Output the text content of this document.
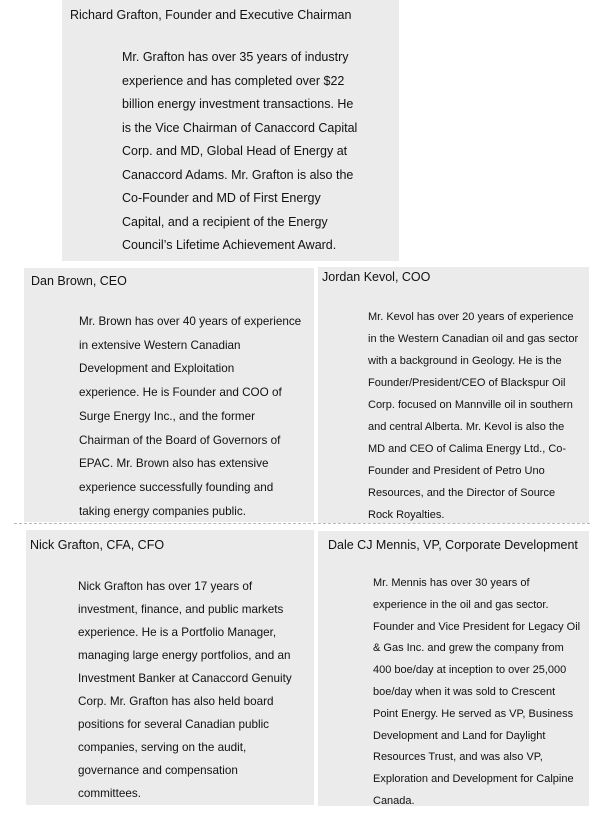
Richard Grafton, Founder and Executive Chairman
Mr. Grafton has over 35 years of industry
experience and has completed over $22
billion energy investment transactions. He
is the Vice Chairman of Canaccord Capital
Corp. and MD, Global Head of Energy at
Canaccord Adams. Mr. Grafton is also the
Co-Founder and MD of First Energy
Capital, and a recipient of the Energy
Council’s Lifetime Achievement Award.
Dan Brown, CEO
Mr. Brown has over 40 years of experience
in extensive Western Canadian
Development and Exploitation
experience. He is Founder and COO of
Surge Energy Inc., and the former
Chairman of the Board of Governors of
EPAC. Mr. Brown also has extensive
experience successfully founding and
taking energy companies public.
Jordan Kevol, COO
Mr. Kevol has over 20 years of experience
in the Western Canadian oil and gas sector
with a background in Geology. He is the
Founder/President/CEO of Blackspur Oil
Corp. focused on Mannville oil in southern
and central Alberta. Mr. Kevol is also the
MD and CEO of Calima Energy Ltd., Co-
Founder and President of Petro Uno
Resources, and the Director of Source
Rock Royalties.
Nick Grafton, CFA, CFO
Nick Grafton has over 17 years of
investment, finance, and public markets
experience. He is a Portfolio Manager,
managing large energy portfolios, and an
Investment Banker at Canaccord Genuity
Corp. Mr. Grafton has also held board
positions for several Canadian public
companies, serving on the audit,
governance and compensation
committees.
Dale CJ Mennis, VP, Corporate Development
Mr. Mennis has over 30 years of
experience in the oil and gas sector.
Founder and Vice President for Legacy Oil
& Gas Inc. and grew the company from
400 boe/day at inception to over 25,000
boe/day when it was sold to Crescent
Point Energy. He served as VP, Business
Development and Land for Daylight
Resources Trust, and was also VP,
Exploration and Development for Calpine
Canada.
